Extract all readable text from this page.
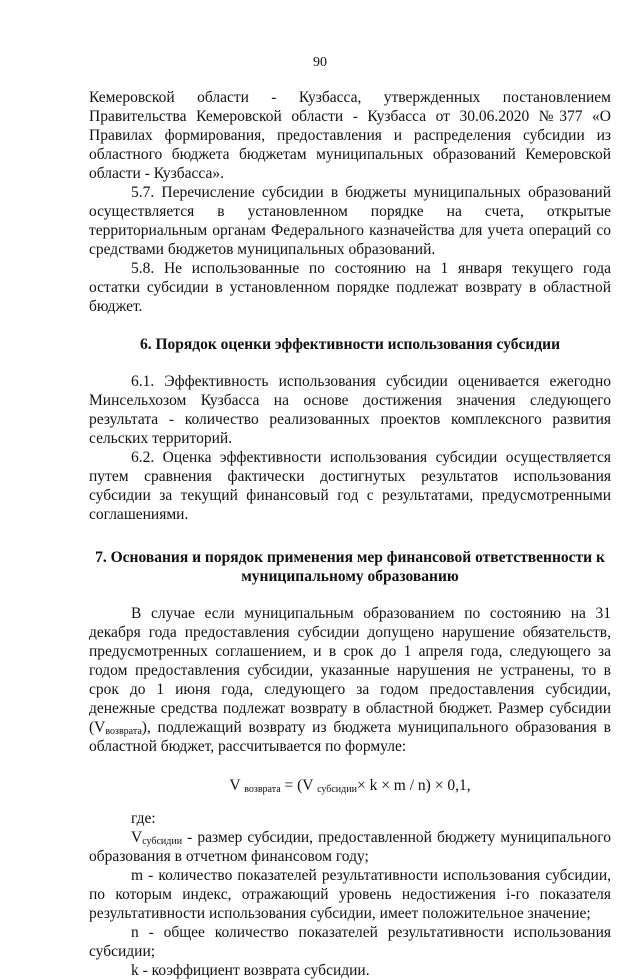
90

Кемеровской области - Кузбасса, утвержденных постановлением Правительства Кемеровской области - Кузбасса от 30.06.2020 №377 «О Правилах формирования, предоставления и распределения субсидии из областного бюджета бюджетам муниципальных образований Кемеровской области - Кузбасса».

5.7. Перечисление субсидии в бюджеты муниципальных образований осуществляется в установленном порядке на счета, открытые территориальным органам Федерального казначейства для учета операций со средствами бюджетов муниципальных образований.

5.8. Не использованные по состоянию на 1 января текущего года остатки субсидии в установленном порядке подлежат возврату в областной бюджет.

6. Порядок оценки эффективности использования субсидии

6.1. Эффективность использования субсидии оценивается ежегодно Минсельхозом Кузбасса на основе достижения значения следующего результата - количество реализованных проектов комплексного развития сельских территорий.

6.2. Оценка эффективности использования субсидии осуществляется путем сравнения фактически достигнутых результатов использования субсидии за текущий финансовый год с результатами, предусмотренными соглашениями.

7. Основания и порядок применения мер финансовой ответственности к
муниципальному образованию

В случае если муниципальным образованием по состоянию на 31 декабря года предоставления субсидии допущено нарушение обязательств, предусмотренных соглашением, и в срок до 1 апреля года, следующего за годом предоставления субсидии, указанные нарушения не устранены, то в срок до 1 июня года, следующего за годом предоставления субсидии, денежные средства подлежат возврату в областной бюджет. Размер субсидии $(V_{возврата})$, подлежащий возврату из бюджета муниципального образования в областной бюджет, рассчитывается по формуле:

V $_{возврата}$ = (V $_{субсидии}$× k × m / n) × 0,1,

где:

$V_{субсидии}$ - размер субсидии, предоставленной бюджету муниципального образования в отчетном финансовом году;

m - количество показателей результативности использования субсидии, по которым индекс, отражающий уровень недостижения i-го показателя результативности использования субсидии, имеет положительное значение;

n - общее количество показателей результативности использования субсидии;

k - коэффициент возврата субсидии.
